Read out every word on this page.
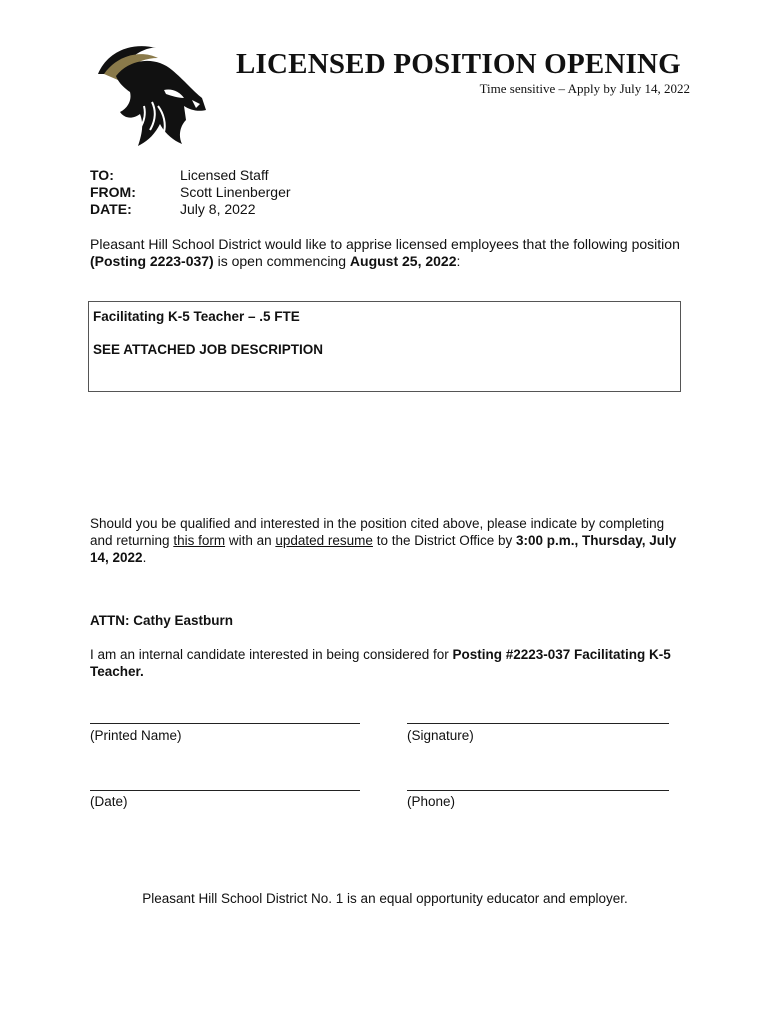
LICENSED POSITION OPENING
Time sensitive – Apply by July 14, 2022
TO:	Licensed Staff
FROM:	Scott Linenberger
DATE:	July 8, 2022
Pleasant Hill School District would like to apprise licensed employees that the following position
(Posting 2223-037) is open commencing August 25, 2022:
Facilitating K-5 Teacher – .5 FTE
SEE ATTACHED JOB DESCRIPTION
Should you be qualified and interested in the position cited above, please indicate by completing and returning this form with an updated resume to the District Office by 3:00 p.m., Thursday, July 14, 2022.
ATTN: Cathy Eastburn
I am an internal candidate interested in being considered for Posting #2223-037 Facilitating K-5 Teacher.
(Printed Name)	(Signature)
(Date)	(Phone)
Pleasant Hill School District No. 1 is an equal opportunity educator and employer.
